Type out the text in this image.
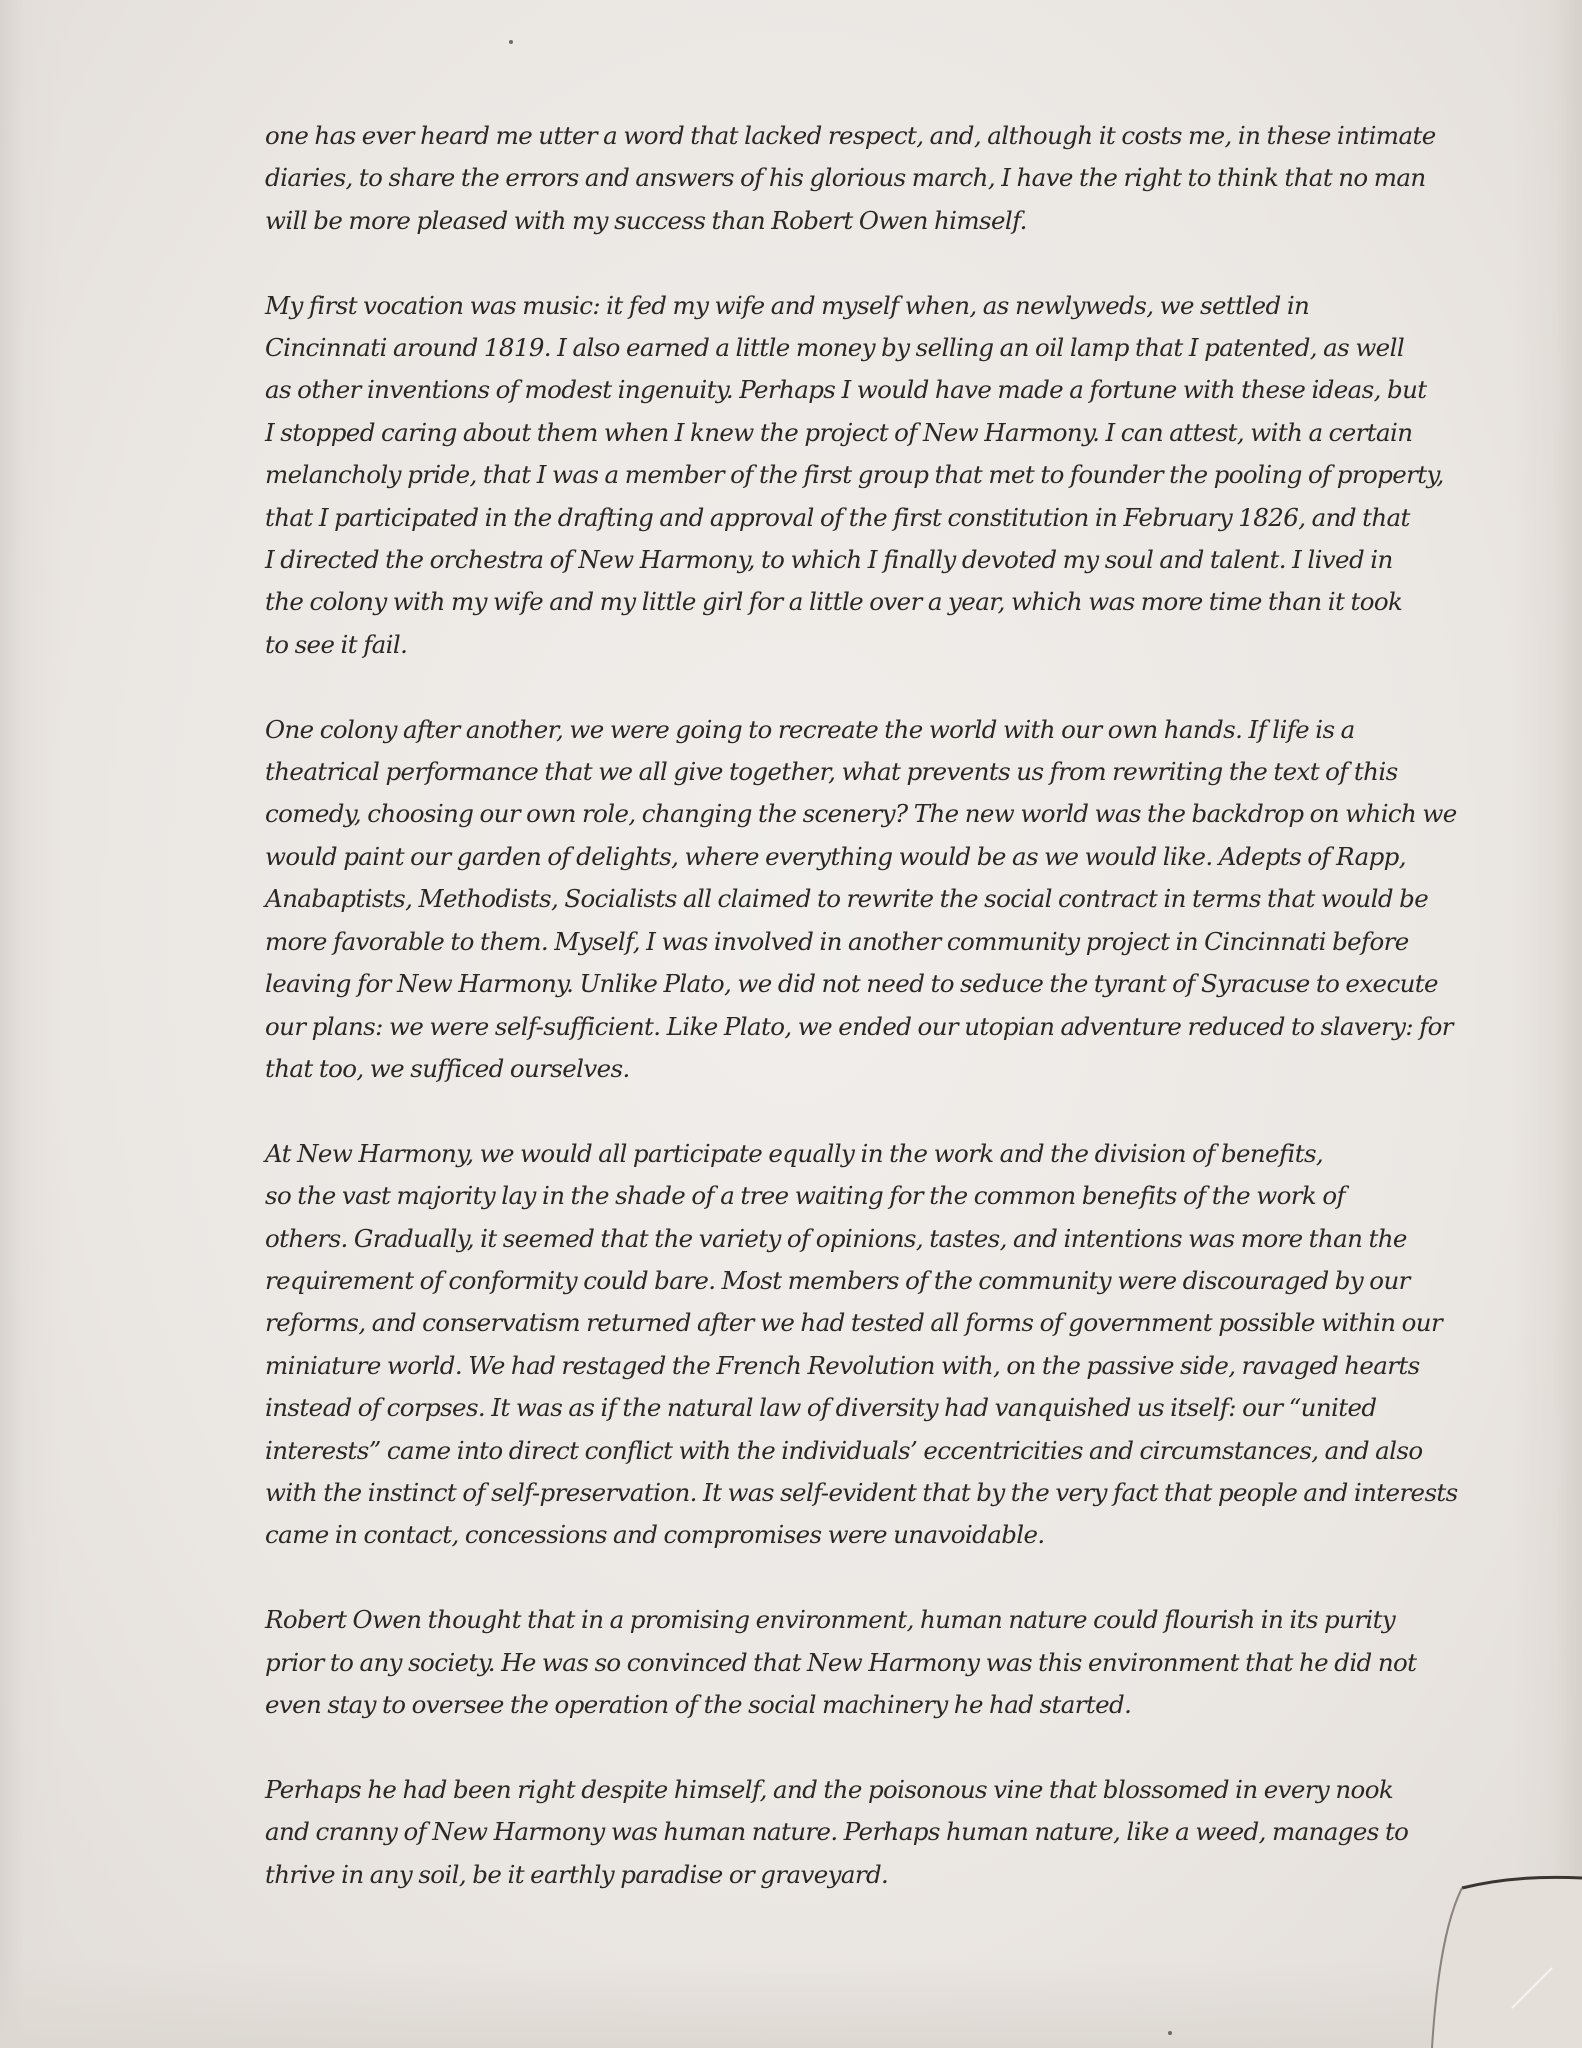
one has ever heard me utter a word that lacked respect, and, although it costs me, in these intimate
diaries, to share the errors and answers of his glorious march, I have the right to think that no man
will be more pleased with my success than Robert Owen himself.

My first vocation was music: it fed my wife and myself when, as newlyweds, we settled in
Cincinnati around 1819. I also earned a little money by selling an oil lamp that I patented, as well
as other inventions of modest ingenuity. Perhaps I would have made a fortune with these ideas, but
I stopped caring about them when I knew the project of New Harmony. I can attest, with a certain
melancholy pride, that I was a member of the first group that met to founder the pooling of property,
that I participated in the drafting and approval of the first constitution in February 1826, and that
I directed the orchestra of New Harmony, to which I finally devoted my soul and talent. I lived in
the colony with my wife and my little girl for a little over a year, which was more time than it took
to see it fail.

One colony after another, we were going to recreate the world with our own hands. If life is a
theatrical performance that we all give together, what prevents us from rewriting the text of this
comedy, choosing our own role, changing the scenery? The new world was the backdrop on which we
would paint our garden of delights, where everything would be as we would like. Adepts of Rapp,
Anabaptists, Methodists, Socialists all claimed to rewrite the social contract in terms that would be
more favorable to them. Myself, I was involved in another community project in Cincinnati before
leaving for New Harmony. Unlike Plato, we did not need to seduce the tyrant of Syracuse to execute
our plans: we were self-sufficient. Like Plato, we ended our utopian adventure reduced to slavery: for
that too, we sufficed ourselves.

At New Harmony, we would all participate equally in the work and the division of benefits,
so the vast majority lay in the shade of a tree waiting for the common benefits of the work of
others. Gradually, it seemed that the variety of opinions, tastes, and intentions was more than the
requirement of conformity could bare. Most members of the community were discouraged by our
reforms, and conservatism returned after we had tested all forms of government possible within our
miniature world. We had restaged the French Revolution with, on the passive side, ravaged hearts
instead of corpses. It was as if the natural law of diversity had vanquished us itself: our “united
interests” came into direct conflict with the individuals’ eccentricities and circumstances, and also
with the instinct of self-preservation. It was self-evident that by the very fact that people and interests
came in contact, concessions and compromises were unavoidable.

Robert Owen thought that in a promising environment, human nature could flourish in its purity
prior to any society. He was so convinced that New Harmony was this environment that he did not
even stay to oversee the operation of the social machinery he had started.

Perhaps he had been right despite himself, and the poisonous vine that blossomed in every nook
and cranny of New Harmony was human nature. Perhaps human nature, like a weed, manages to
thrive in any soil, be it earthly paradise or graveyard.
